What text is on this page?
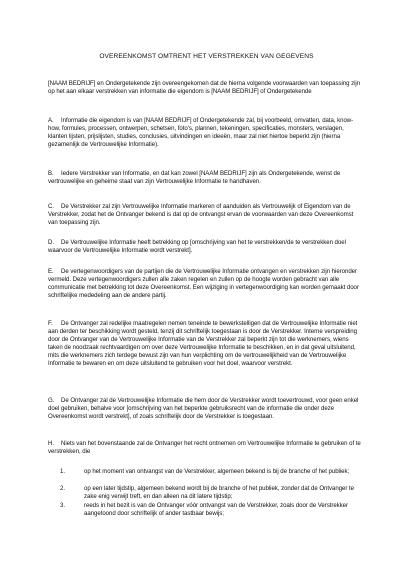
OVEREENKOMST OMTRENT HET VERSTREKKEN VAN GEGEVENS
[NAAM BEDRIJF] en Ondergetekende zijn overeengekomen dat de hierna volgende voorwaarden van toepassing zijn op het aan elkaar verstrekken van informatie die eigendom is [NAAM BEDRIJF] of Ondergetekende
A.	Informatie die eigendom is van [NAAM BEDRIJF] of Ondergetekende zal, bij voorbeeld, omvatten, data, know-how, formules, processen, ontwerpen, schetsen, foto's, plannen, tekeningen, specificaties, monsters, verslagen, klanten lijsten, prijslijsten, studies, conclusies, uitvindingen en ideeën, maar zal niet hiertoe beperkt zijn (hierna gezamenlijk de Vertrouwelijke Informatie).
B.	Iedere Verstrekker van Informatie, en dat kan zowel [NAAM BEDRIJF] zijn als Ondergetekende, wenst de vertrouwelijke en geheime staat van zijn Vertrouwelijke Informatie te handhaven.
C.	De Verstrekker zal zijn Vertrouwelijke Informatie markeren of aanduiden als Vertrouwelijk of Eigendom van de Verstrekker, zodat het de Ontvanger bekend is dat op de ontvangst ervan de voorwaarden van deze Overeenkomst van toepassing zijn.
D.	De Vertrouwelijke Informatie heeft betrekking op [omschrijving van het te verstrekken/de te verstrekken doel waarvoor de Vertrouwelijke Informatie wordt verstrekt].
E.	De vertegenwoordigers van de partijen die de Vertrouwelijke Informatie ontvangen en verstrekken zijn hieronder vermeld. Deze vertegenwoordigers zullen alle zaken regelen en zullen op de hoogte worden gebracht van alle communicatie met betrekking tot deze Overeenkomst. Een wijziging in vertegenwoordiging kan worden gemaakt door schriftelijke mededeling aan de andere partij.
F.	De Ontvanger zal redelijke maatregelen nemen teneinde te bewerkstelligen dat de Vertrouwelijke Informatie niet aan derden ter beschikking wordt gesteld, tenzij dit schriftelijk toegestaan is door de Verstrekker. Interne verspreiding door de Ontvanger van de Vertrouwelijke Informatie van de Verstrekker zal beperkt zijn tot die werknemers, wiens taken de noodzaak rechtvaardigen om over deze Vertrouwelijke Informatie te beschikken, en in dat geval uitsluitend, mits die werknemers zich terdege bewust zijn van hun verplichting om de vertrouwelijkheid van de Vertrouwelijke Informatie te bewaren en om deze uitsluitend te gebruiken voor het doel, waarvoor verstrekt.
G.	De Ontvanger zal de Vertrouwelijke Informatie die hem door de Verstrekker wordt toevertrouwd, voor geen enkel doel gebruiken, behalve voor [omschrijving van het beperkte gebruiksrecht van de informatie die onder deze Overeenkomst wordt verstrekt], of zoals schriftelijk door de Verstrekker is toegestaan.
H.	Niets van het bovenstaande zal de Ontvanger het recht ontnemen om Vertrouwelijke Informatie te gebruiken of te verstrekken, die
1.	op het moment van ontvangst van de Verstrekker, algemeen bekend is bij de branche of het publiek;
2.	op een later tijdstip, algemeen bekend wordt bij de branche of het publiek, zonder dat de Ontvanger te zake enig verwijt treft, en dan alleen na dit latere tijdstip;
3.	reeds in het bezit is van de Ontvanger vóór ontvangst van de Verstrekker, zoals door de Verstrekker aangetoond door schriftelijk of ander tastbaar bewijs;
